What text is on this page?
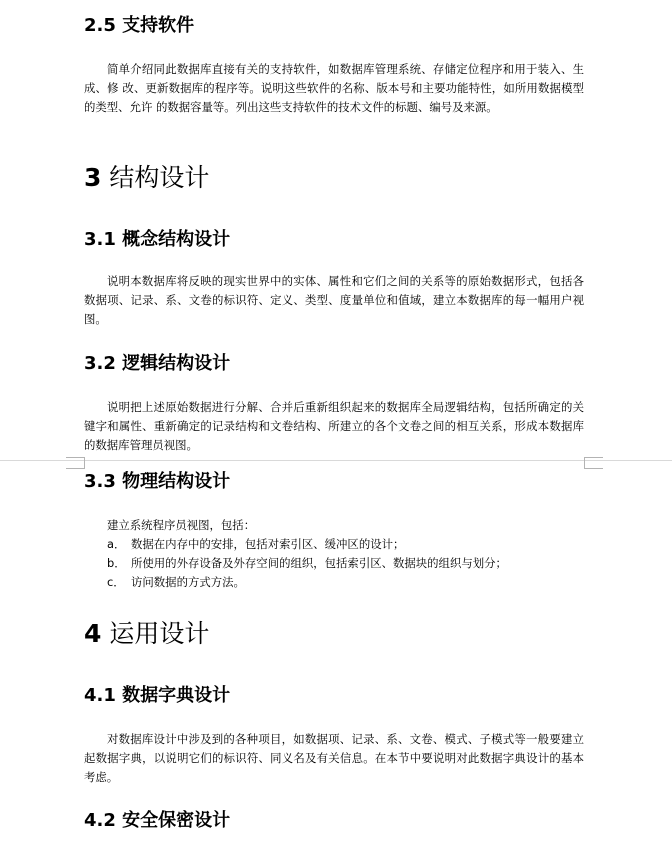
2.5 支持软件

简单介绍同此数据库直接有关的支持软件，如数据库管理系统、存储定位程序和用于装入、生成、修 改、更新数据库的程序等。说明这些软件的名称、版本号和主要功能特性，如所用数据模型的类型、允许 的数据容量等。列出这些支持软件的技术文件的标题、编号及来源。

3 结构设计
3.1 概念结构设计

说明本数据库将反映的现实世界中的实体、属性和它们之间的关系等的原始数据形式，包括各数据项、记录、系、文卷的标识符、定义、类型、度量单位和值域，建立本数据库的每一幅用户视图。

3.2 逻辑结构设计

说明把上述原始数据进行分解、合并后重新组织起来的数据库全局逻辑结构，包括所确定的关键字和属性、重新确定的记录结构和文卷结构、所建立的各个文卷之间的相互关系，形成本数据库的数据库管理员视图。

3.3 物理结构设计

建立系统程序员视图，包括：

a． 数据在内存中的安排，包括对索引区、缓冲区的设计；

b． 所使用的外存设备及外存空间的组织，包括索引区、数据块的组织与划分；

c． 访问数据的方式方法。

4 运用设计
4.1 数据字典设计

对数据库设计中涉及到的各种项目，如数据项、记录、系、文卷、模式、子模式等一般要建立起数据字典，以说明它们的标识符、同义名及有关信息。在本节中要说明对此数据字典设计的基本考虑。

4.2 安全保密设计
